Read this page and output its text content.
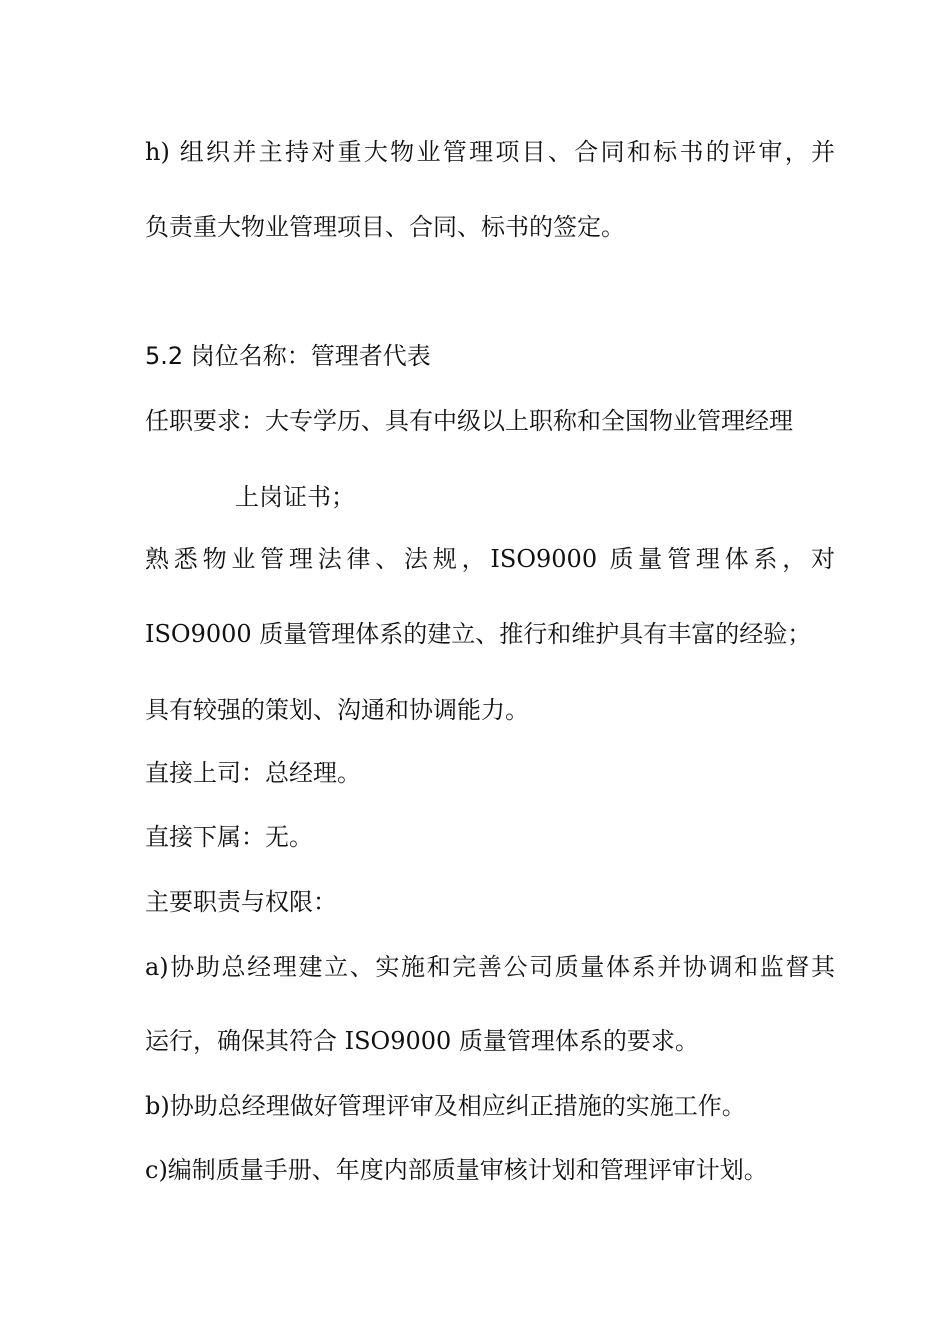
h) 组织并主持对重大物业管理项目、合同和标书的评审，并
负责重大物业管理项目、合同、标书的签定。
5.2 岗位名称：管理者代表
任职要求：大专学历、具有中级以上职称和全国物业管理经理
上岗证书；
熟悉物业管理法律、法规，ISO9000 质量管理体系，对
ISO9000 质量管理体系的建立、推行和维护具有丰富的经验；
具有较强的策划、沟通和协调能力。
直接上司：总经理。
直接下属：无。
主要职责与权限：
a)协助总经理建立、实施和完善公司质量体系并协调和监督其
运行，确保其符合 ISO9000 质量管理体系的要求。
b)协助总经理做好管理评审及相应纠正措施的实施工作。
c)编制质量手册、年度内部质量审核计划和管理评审计划。
